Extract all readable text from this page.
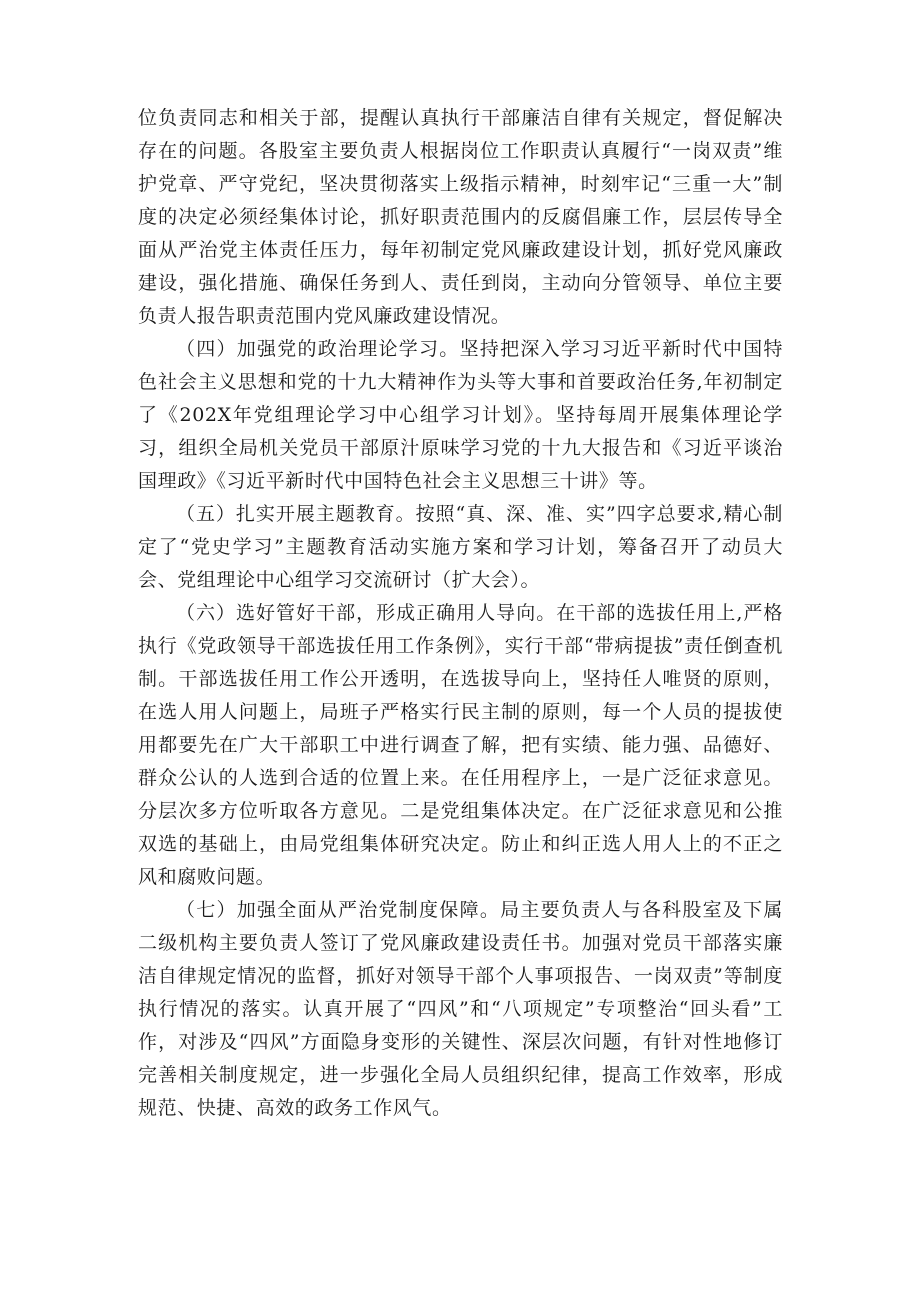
位负责同志和相关于部，提醒认真执行干部廉洁自律有关规定，督促解决存在的问题。各股室主要负责人根据岗位工作职责认真履行“一岗双责”维护党章、严守党纪，坚决贯彻落实上级指示精神，时刻牢记“三重一大”制度的决定必须经集体讨论，抓好职责范围内的反腐倡廉工作，层层传导全面从严治党主体责任压力，每年初制定党风廉政建设计划，抓好党风廉政建设，强化措施、确保任务到人、责任到岗，主动向分管领导、单位主要负责人报告职责范围内党风廉政建设情况。

（四）加强党的政治理论学习。坚持把深入学习习近平新时代中国特色社会主义思想和党的十九大精神作为头等大事和首要政治任务,年初制定了《202X年党组理论学习中心组学习计划》。坚持每周开展集体理论学习，组织全局机关党员干部原汁原味学习党的十九大报告和《习近平谈治国理政》《习近平新时代中国特色社会主义思想三十讲》等。

（五）扎实开展主题教育。按照“真、深、准、实”四字总要求,精心制定了“党史学习”主题教育活动实施方案和学习计划，筹备召开了动员大会、党组理论中心组学习交流研讨（扩大会）。

（六）选好管好干部，形成正确用人导向。在干部的选拔任用上,严格执行《党政领导干部选拔任用工作条例》，实行干部“带病提拔”责任倒查机制。干部选拔任用工作公开透明，在选拔导向上，坚持任人唯贤的原则，在选人用人问题上，局班子严格实行民主制的原则，每一个人员的提拔使用都要先在广大干部职工中进行调查了解，把有实绩、能力强、品德好、群众公认的人选到合适的位置上来。在任用程序上，一是广泛征求意见。分层次多方位听取各方意见。二是党组集体决定。在广泛征求意见和公推双选的基础上，由局党组集体研究决定。防止和纠正选人用人上的不正之风和腐败问题。

（七）加强全面从严治党制度保障。局主要负责人与各科股室及下属二级机构主要负责人签订了党风廉政建设责任书。加强对党员干部落实廉洁自律规定情况的监督，抓好对领导干部个人事项报告、一岗双责”等制度执行情况的落实。认真开展了“四风”和“八项规定”专项整治“回头看”工作，对涉及“四风”方面隐身变形的关键性、深层次问题，有针对性地修订完善相关制度规定，进一步强化全局人员组织纪律，提高工作效率，形成规范、快捷、高效的政务工作风气。
